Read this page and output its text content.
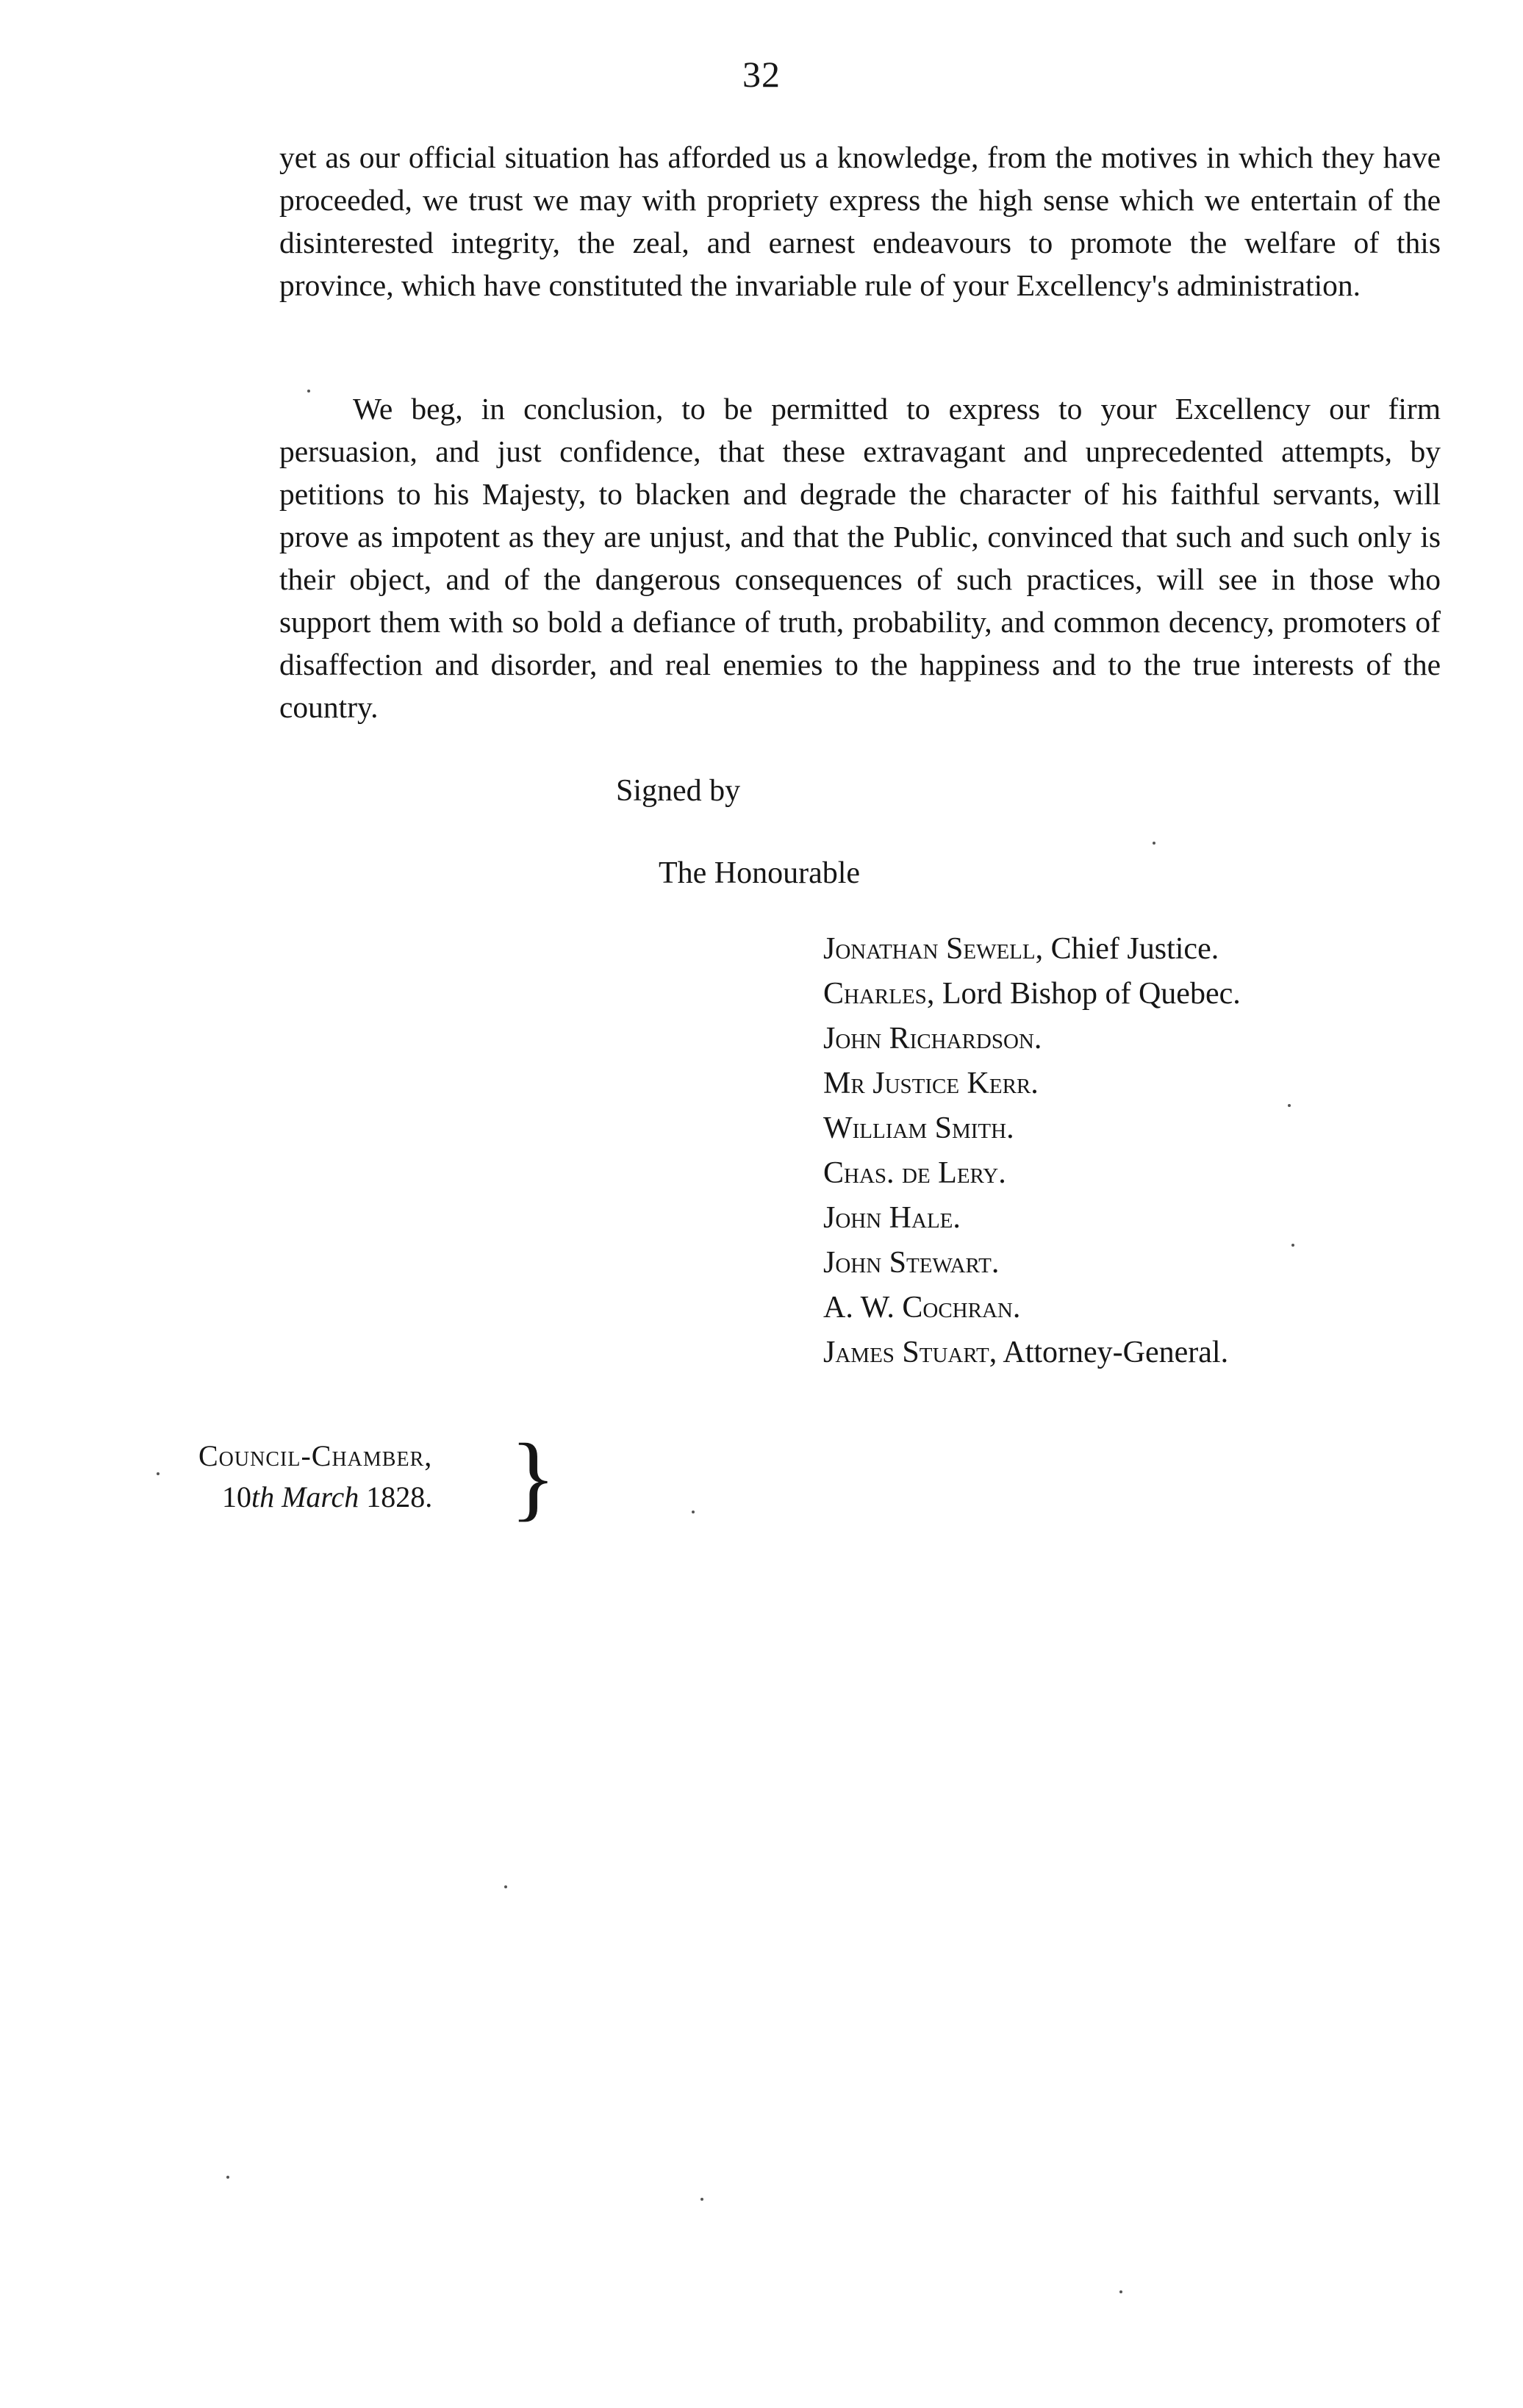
32

yet as our official situation has afforded us a knowledge, from the motives in which they have proceeded, we trust we may with propriety express the high sense which we entertain of the disinterested integrity, the zeal, and earnest endeavours to promote the welfare of this province, which have constituted the invariable rule of your Excellency's administration.

We beg, in conclusion, to be permitted to express to your Excellency our firm persuasion, and just confidence, that these extravagant and unprecedented attempts, by petitions to his Majesty, to blacken and degrade the character of his faithful servants, will prove as impotent as they are unjust, and that the Public, convinced that such and such only is their object, and of the dangerous consequences of such practices, will see in those who support them with so bold a defiance of truth, probability, and common decency, promoters of disaffection and disorder, and real enemies to the happiness and to the true interests of the country.

Signed by
The Honourable
Jonathan Sewell, Chief Justice.
Charles, Lord Bishop of Quebec.
John Richardson.
Mr Justice Kerr.
William Smith.
Chas. de Lery.
John Hale.
John Stewart.
A. W. Cochran.
James Stuart, Attorney-General.
Council-Chamber,
10th March 1828. }
